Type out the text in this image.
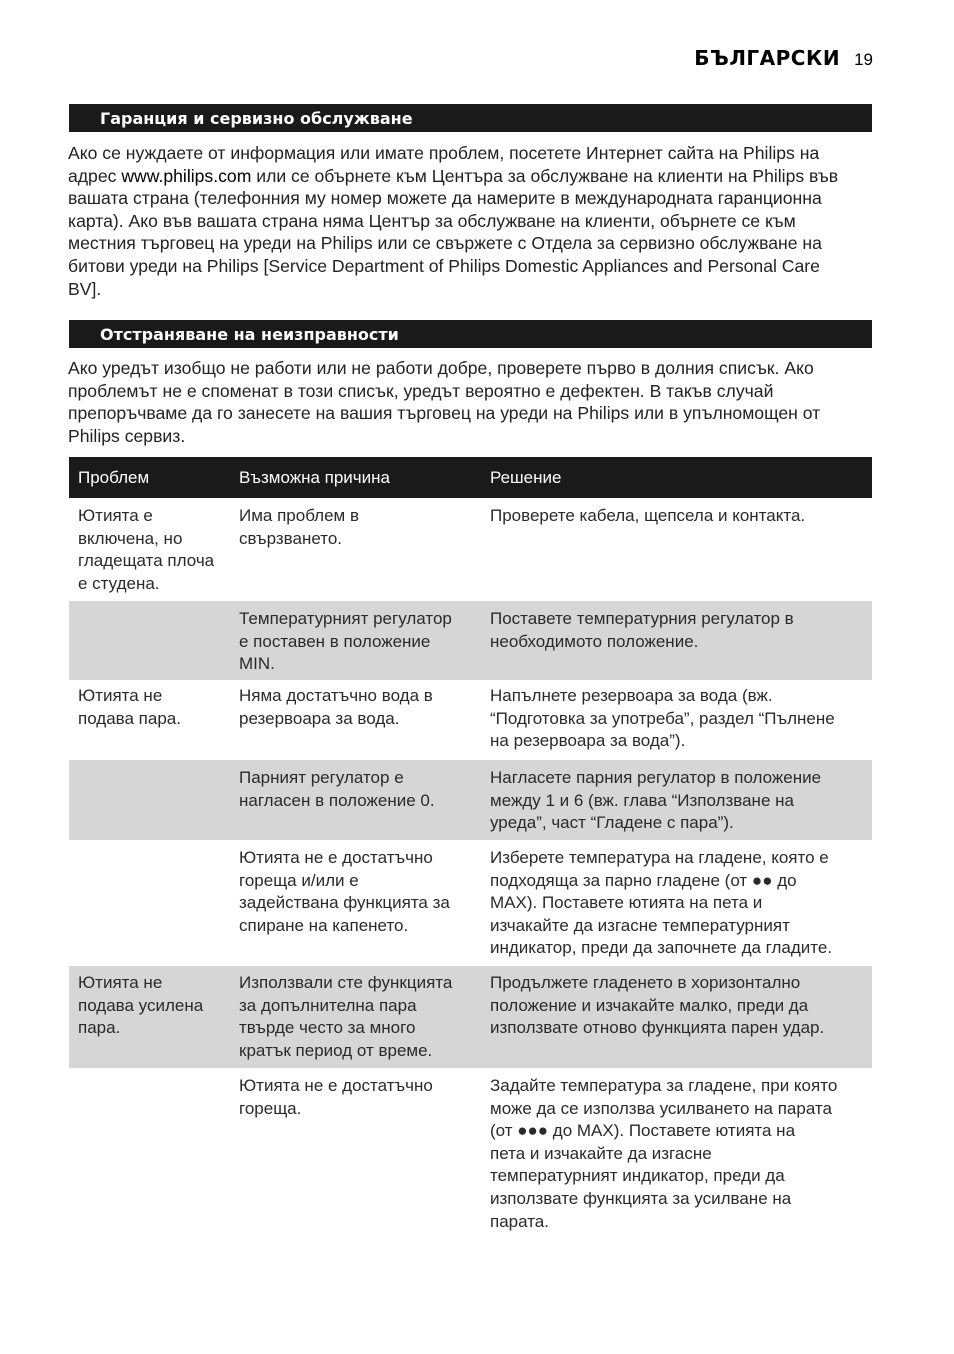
БЪЛГАРСКИ 19
Гаранция и сервизно обслужване
Ако се нуждаете от информация или имате проблем, посетете Интернет сайта на Philips на
адрес www.philips.com или се обърнете към Центъра за обслужване на клиенти на Philips във
вашата страна (телефонния му номер можете да намерите в международната гаранционна
карта). Ако във вашата страна няма Център за обслужване на клиенти, обърнете се към
местния търговец на уреди на Philips или се свържете с Отдела за сервизно обслужване на
битови уреди на Philips [Service Department of Philips Domestic Appliances and Personal Care
BV].
Отстраняване на неизправности
Ако уредът изобщо не работи или не работи добре, проверете първо в долния списък. Ако
проблемът не е споменат в този списък, уредът вероятно е дефектен. В такъв случай
препоръчваме да го занесете на вашия търговец на уреди на Philips или в упълномощен от
Philips сервиз.
Проблем	Възможна причина	Решение
Ютията е
включена, но
гладещата плоча
е студена.
Има проблем в
свързването.
Проверете кабела, щепсела и контакта.
Температурният регулатор
е поставен в положение
MIN.
Поставете температурния регулатор в
необходимото положение.
Ютията не
подава пара.
Няма достатъчно вода в
резервоара за вода.
Напълнете резервоара за вода (вж.
“Подготовка за употреба”, раздел “Пълнене
на резервоара за вода”).
Парният регулатор е
нагласен в положение 0.
Нагласете парния регулатор в положение
между 1 и 6 (вж. глава “Използване на
уреда”, част “Гладене с пара”).
Ютията не е достатъчно
гореща и/или е
задействана функцията за
спиране на капенето.
Изберете температура на гладене, която е
подходяща за парно гладене (от ●● до
MAX). Поставете ютията на пета и
изчакайте да изгасне температурният
индикатор, преди да започнете да гладите.
Ютията не
подава усилена
пара.
Използвали сте функцията
за допълнителна пара
твърде често за много
кратък период от време.
Продължете гладенето в хоризонтално
положение и изчакайте малко, преди да
използвате отново функцията парен удар.
Ютията не е достатъчно
гореща.
Задайте температура за гладене, при която
може да се използва усилването на парата
(от ●●● до MAX). Поставете ютията на
пета и изчакайте да изгасне
температурният индикатор, преди да
използвате функцията за усилване на
парата.
